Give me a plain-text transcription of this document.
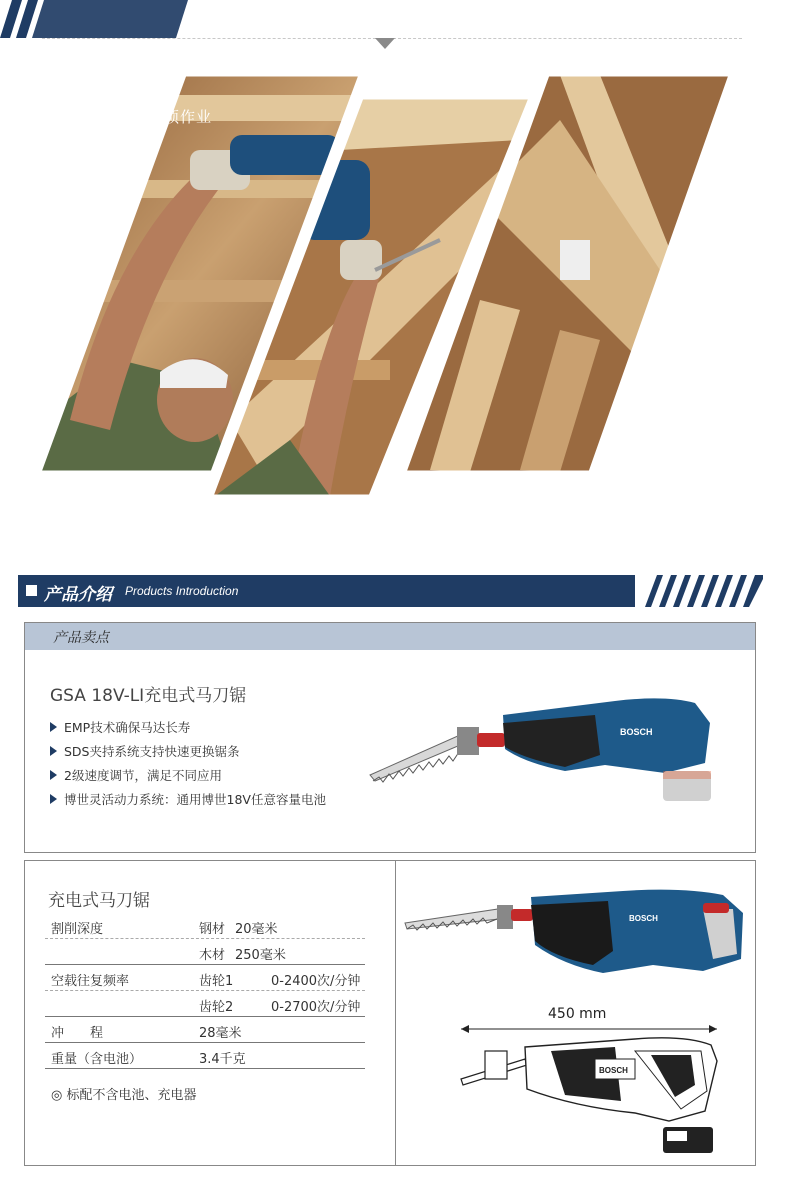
头顶作业
产品介绍 Products Introduction
产品卖点
GSA 18V-LI充电式马刀锯
EMP技术确保马达长寿
SDS夹持系统支持快速更换锯条
2级速度调节，满足不同应用
博世灵活动力系统：通用博世18V任意容量电池
BOSCH
充电式马刀锯
割削深度	钢材 20毫米
木材 250毫米
空载往复频率	齿轮1	0-2400次/分钟
齿轮2	0-2700次/分钟
冲　　程	28毫米
重量（含电池）	3.4千克
◎ 标配不含电池、充电器
BOSCH
450 mm
BOSCH
